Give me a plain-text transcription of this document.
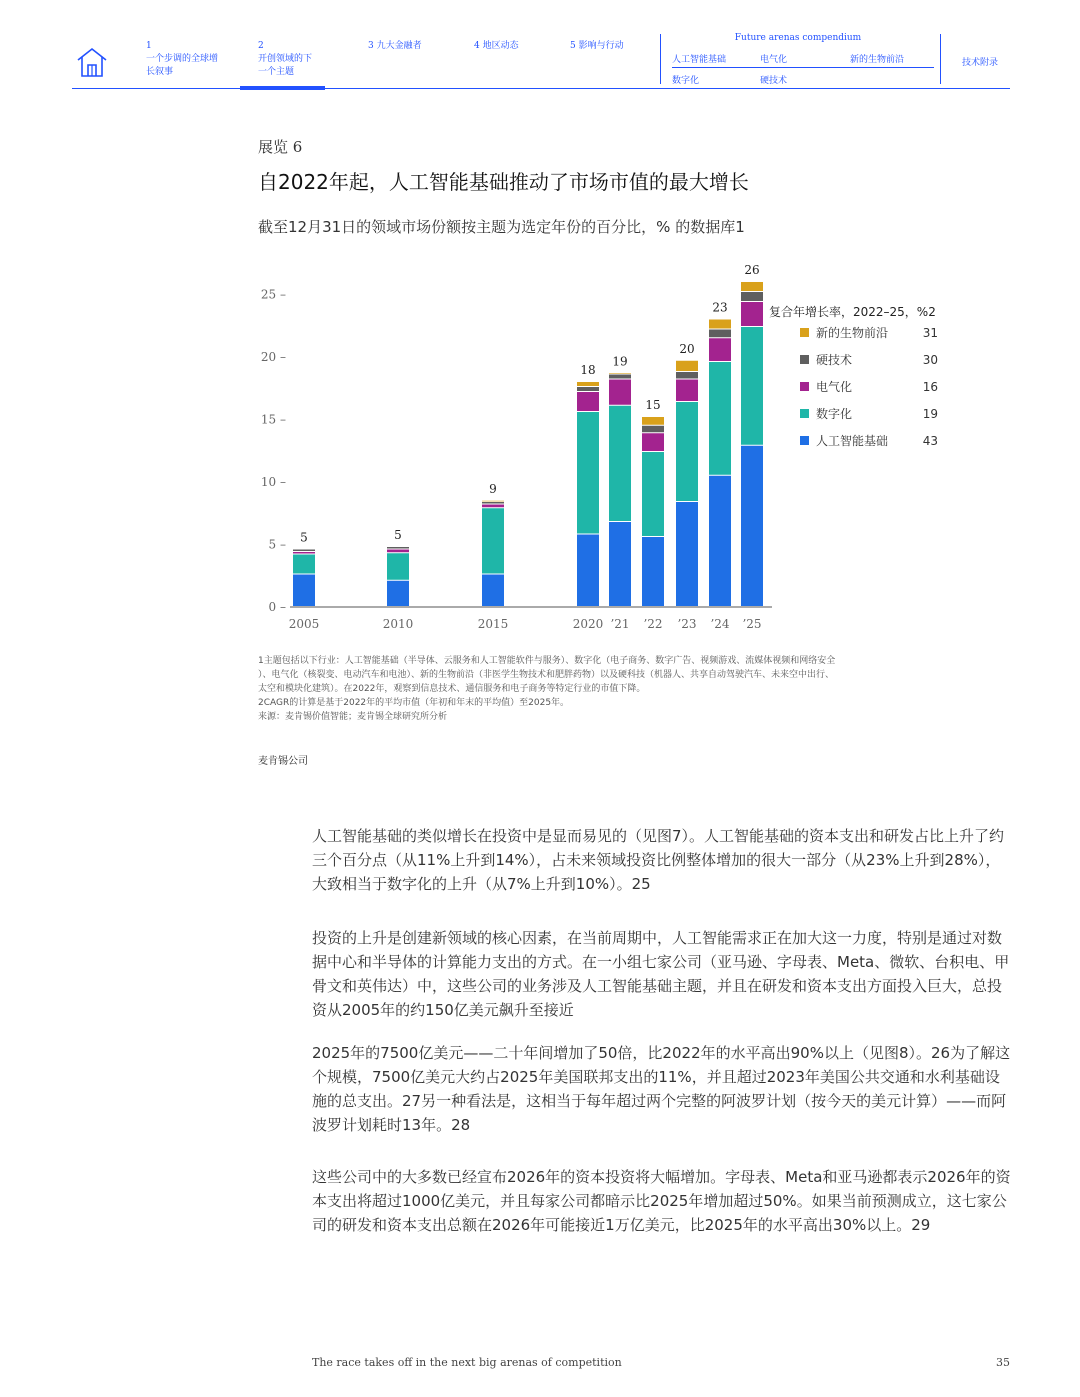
1
一个步调的全球增长叙事
2
开创领域的下一个主题
3 九大金融者	4 地区动态	5 影响与行动
Future arenas compendium
人工智能基础	电气化	新的生物前沿
数字化	硬技术
技术附录
展览 6
自2022年起，人工智能基础推动了市场市值的最大增长
截至12月31日的领域市场份额按主题为选定年份的百分比，% 的数据库1
0 –
5 –
10 –
15 –
20 –
25 –
5
2005
5
2010
9
2015
18
2020
19
’21
15
’22
20
’23
23
’24
26
’25
复合年增长率，2022–25，%2
新的生物前沿	31
硬技术	30
电气化	16
数字化	19
人工智能基础	43
1主题包括以下行业：人工智能基础（半导体、云服务和人工智能软件与服务）、数字化（电子商务、数字广告、视频游戏、流媒体视频和网络安全
）、电气化（核裂变、电动汽车和电池）、新的生物前沿（非医学生物技术和肥胖药物）以及硬科技（机器人、共享自动驾驶汽车、未来空中出行、
太空和模块化建筑）。在2022年，观察到信息技术、通信服务和电子商务等特定行业的市值下降。
2CAGR的计算是基于2022年的平均市值（年初和年末的平均值）至2025年。
来源：麦肯锡价值智能；麦肯锡全球研究所分析
麦肯锡公司

人工智能基础的类似增长在投资中是显而易见的（见图7）。人工智能基础的资本支出和研发占比上升了约三个百分点（从11%上升到14%），占未来领域投资比例整体增加的很大一部分（从23%上升到28%），大致相当于数字化的上升（从7%上升到10%）。25

投资的上升是创建新领域的核心因素，在当前周期中，人工智能需求正在加大这一力度，特别是通过对数据中心和半导体的计算能力支出的方式。在一小组七家公司（亚马逊、字母表、Meta、微软、台积电、甲骨文和英伟达）中，这些公司的业务涉及人工智能基础主题，并且在研发和资本支出方面投入巨大，总投资从2005年的约150亿美元飙升至接近

2025年的7500亿美元——二十年间增加了50倍，比2022年的水平高出90%以上（见图8）。26为了解这个规模，7500亿美元大约占2025年美国联邦支出的11%，并且超过2023年美国公共交通和水利基础设施的总支出。27另一种看法是，这相当于每年超过两个完整的阿波罗计划（按今天的美元计算）——而阿波罗计划耗时13年。28

这些公司中的大多数已经宣布2026年的资本投资将大幅增加。字母表、Meta和亚马逊都表示2026年的资本支出将超过1000亿美元，并且每家公司都暗示比2025年增加超过50%。如果当前预测成立，这七家公司的研发和资本支出总额在2026年可能接近1万亿美元，比2025年的水平高出30%以上。29

The race takes off in the next big arenas of competition	35
